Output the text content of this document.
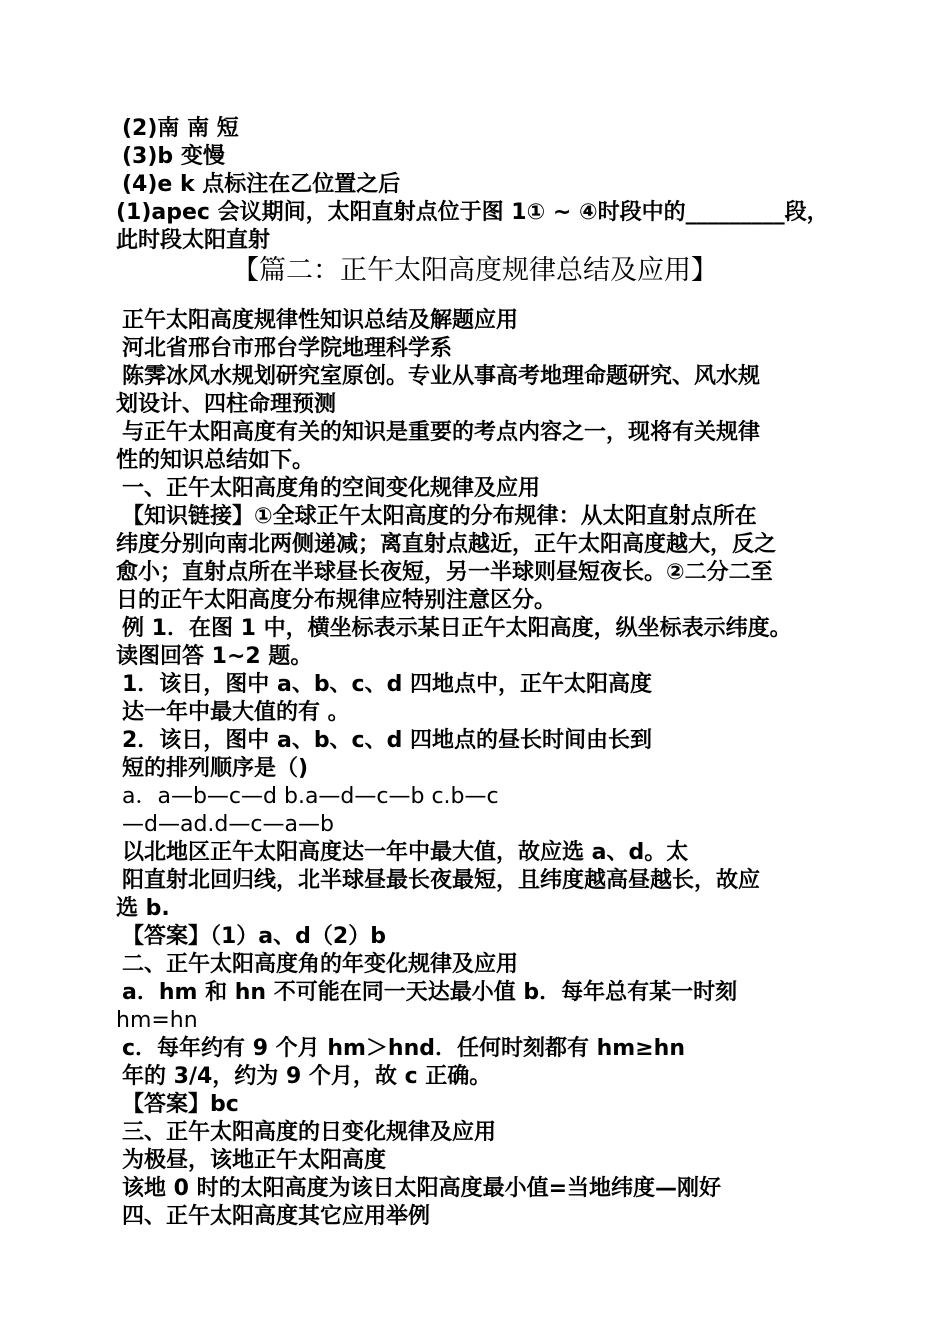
(2)南 南 短
(3)b 变慢
(4)e k 点标注在乙位置之后
(1)apec 会议期间，太阳直射点位于图 1① ~ ④时段中的_________段，
此时段太阳直射
【篇二：正午太阳高度规律总结及应用】
正午太阳高度规律性知识总结及解题应用
河北省邢台市邢台学院地理科学系
陈霁冰风水规划研究室原创。专业从事高考地理命题研究、风水规
划设计、四柱命理预测
与正午太阳高度有关的知识是重要的考点内容之一，现将有关规律
性的知识总结如下。
一、正午太阳高度角的空间变化规律及应用
【知识链接】①全球正午太阳高度的分布规律：从太阳直射点所在
纬度分别向南北两侧递减；离直射点越近，正午太阳高度越大，反之
愈小；直射点所在半球昼长夜短，另一半球则昼短夜长。②二分二至
日的正午太阳高度分布规律应特别注意区分。
例 1．在图 1 中，横坐标表示某日正午太阳高度，纵坐标表示纬度。
读图回答 1~2 题。
1．该日，图中 a、b、c、d 四地点中，正午太阳高度
达一年中最大值的有 。
2．该日，图中 a、b、c、d 四地点的昼长时间由长到
短的排列顺序是（)
a．a—b—c—d b.a—d—c—b c.b—c
—d—ad.d—c—a—b
以北地区正午太阳高度达一年中最大值，故应选 a、d。太
阳直射北回归线，北半球昼最长夜最短，且纬度越高昼越长，故应
选 b.
【答案】（1）a、d（2）b
二、正午太阳高度角的年变化规律及应用
a．hm 和 hn 不可能在同一天达最小值 b．每年总有某一时刻
hm=hn
c．每年约有 9 个月 hm＞hnd．任何时刻都有 hm≥hn
年的 3/4，约为 9 个月，故 c 正确。
【答案】bc
三、正午太阳高度的日变化规律及应用
为极昼，该地正午太阳高度
该地 0 时的太阳高度为该日太阳高度最小值=当地纬度—刚好
四、正午太阳高度其它应用举例
